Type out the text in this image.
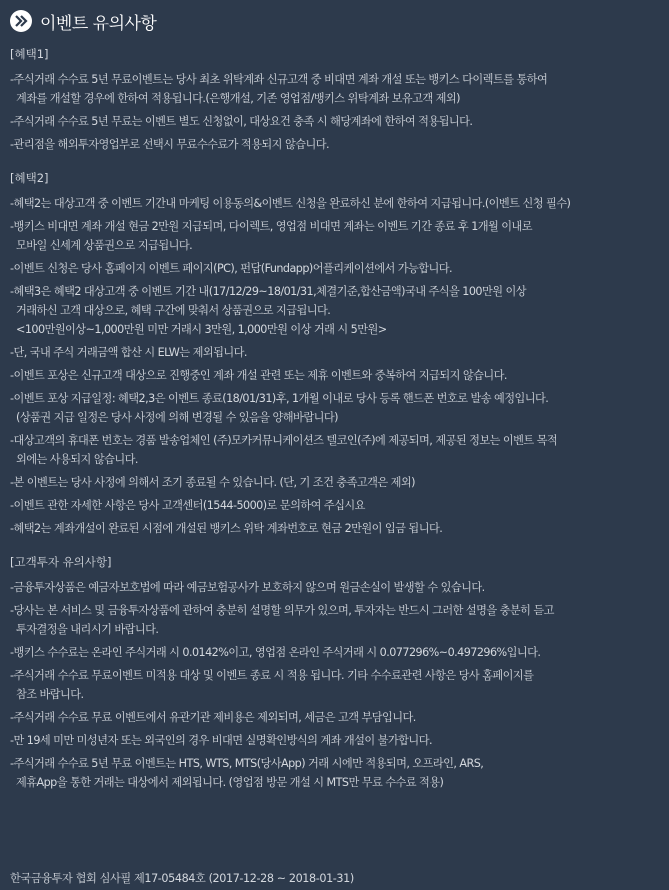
이벤트 유의사항
[혜택1]
-주식거래 수수료 5년 무료이벤트는 당사 최초 위탁계좌 신규고객 중 비대면 계좌 개설 또는 뱅키스 다이렉트를 통하여
계좌를 개설할 경우에 한하여 적용됩니다.(은행개설, 기존 영업점/뱅키스 위탁계좌 보유고객 제외)
-주식거래 수수료 5년 무료는 이벤트 별도 신청없이, 대상요건 충족 시 해당계좌에 한하여 적용됩니다.
-관리점을 해외투자영업부로 선택시 무료수수료가 적용되지 않습니다.
[혜택2]
-혜택2는 대상고객 중 이벤트 기간내 마케팅 이용동의&이벤트 신청을 완료하신 분에 한하여 지급됩니다.(이벤트 신청 필수)
-뱅키스 비대면 계좌 개설 현금 2만원 지급되며, 다이렉트, 영업점 비대면 계좌는 이벤트 기간 종료 후 1개월 이내로
모바일 신세계 상품권으로 지급됩니다.
-이벤트 신청은 당사 홈페이지 이벤트 페이지(PC), 펀답(Fundapp)어플리케이션에서 가능합니다.
-혜택3은 혜택2 대상고객 중 이벤트 기간 내(17/12/29~18/01/31,체결기준,합산금액)국내 주식을 100만원 이상
거래하신 고객 대상으로, 혜택 구간에 맞춰서 상품권으로 지급됩니다.
<100만원이상~1,000만원 미만 거래시 3만원, 1,000만원 이상 거래 시 5만원>
-단, 국내 주식 거래금액 합산 시 ELW는 제외됩니다.
-이벤트 포상은 신규고객 대상으로 진행중인 계좌 개설 관련 또는 제휴 이벤트와 중복하여 지급되지 않습니다.
-이벤트 포상 지급일정: 혜택2,3은 이벤트 종료(18/01/31)후, 1개월 이내로 당사 등록 핸드폰 번호로 발송 예정입니다.
(상품권 지급 일정은 당사 사정에 의해 변경될 수 있음을 양해바랍니다)
-대상고객의 휴대폰 번호는 경품 발송업체인 (주)모카커뮤니케이션즈 텔코인(주)에 제공되며, 제공된 정보는 이벤트 목적
외에는 사용되지 않습니다.
-본 이벤트는 당사 사정에 의해서 조기 종료될 수 있습니다. (단, 기 조건 충족고객은 제외)
-이벤트 관한 자세한 사항은 당사 고객센터(1544-5000)로 문의하여 주십시요
-혜택2는 계좌개설이 완료된 시점에 개설된 뱅키스 위탁 계좌번호로 현금 2만원이 입금 됩니다.
[고객투자 유의사항]
-금융투자상품은 예금자보호법에 따라 예금보험공사가 보호하지 않으며 원금손실이 발생할 수 있습니다.
-당사는 본 서비스 및 금융투자상품에 관하여 충분히 설명할 의무가 있으며, 투자자는 반드시 그러한 설명을 충분히 듣고
투자결정을 내리시기 바랍니다.
-뱅키스 수수료는 온라인 주식거래 시 0.0142%이고, 영업점 온라인 주식거래 시 0.077296%~0.497296%입니다.
-주식거래 수수료 무료이벤트 미적용 대상 및 이벤트 종료 시 적용 됩니다. 기타 수수료관련 사항은 당사 홈페이지를
참조 바랍니다.
-주식거래 수수료 무료 이벤트에서 유관기관 제비용은 제외되며, 세금은 고객 부담입니다.
-만 19세 미만 미성년자 또는 외국인의 경우 비대면 실명확인방식의 계좌 개설이 불가합니다.
-주식거래 수수료 5년 무료 이벤트는 HTS, WTS, MTS(당사App) 거래 시에만 적용되며, 오프라인, ARS,
제휴App을 통한 거래는 대상에서 제외됩니다. (영업점 방문 개설 시 MTS만 무료 수수료 적용)
한국금융투자 협회 심사필 제17-05484호 (2017-12-28 ~ 2018-01-31)
